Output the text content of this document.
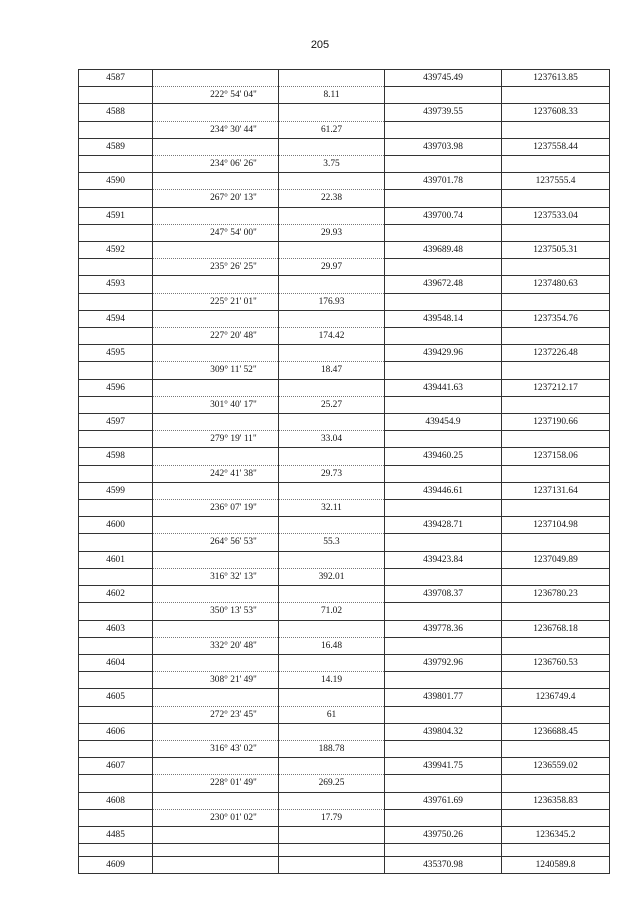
205
4587			439745.49	1237613.85
	222° 54' 04"	8.11		
4588			439739.55	1237608.33
	234° 30' 44"	61.27		
4589			439703.98	1237558.44
	234° 06' 26"	3.75		
4590			439701.78	1237555.4
	267° 20' 13"	22.38		
4591			439700.74	1237533.04
	247° 54' 00"	29.93		
4592			439689.48	1237505.31
	235° 26' 25"	29.97		
4593			439672.48	1237480.63
	225° 21' 01"	176.93		
4594			439548.14	1237354.76
	227° 20' 48"	174.42		
4595			439429.96	1237226.48
	309° 11' 52"	18.47		
4596			439441.63	1237212.17
	301° 40' 17"	25.27		
4597			439454.9	1237190.66
	279° 19' 11"	33.04		
4598			439460.25	1237158.06
	242° 41' 38"	29.73		
4599			439446.61	1237131.64
	236° 07' 19"	32.11		
4600			439428.71	1237104.98
	264° 56' 53"	55.3		
4601			439423.84	1237049.89
	316° 32' 13"	392.01		
4602			439708.37	1236780.23
	350° 13' 53"	71.02		
4603			439778.36	1236768.18
	332° 20' 48"	16.48		
4604			439792.96	1236760.53
	308° 21' 49"	14.19		
4605			439801.77	1236749.4
	272° 23' 45"	61		
4606			439804.32	1236688.45
	316° 43' 02"	188.78		
4607			439941.75	1236559.02
	228° 01' 49"	269.25		
4608			439761.69	1236358.83
	230° 01' 02"	17.79		
4485			439750.26	1236345.2

4609			435370.98	1240589.8
